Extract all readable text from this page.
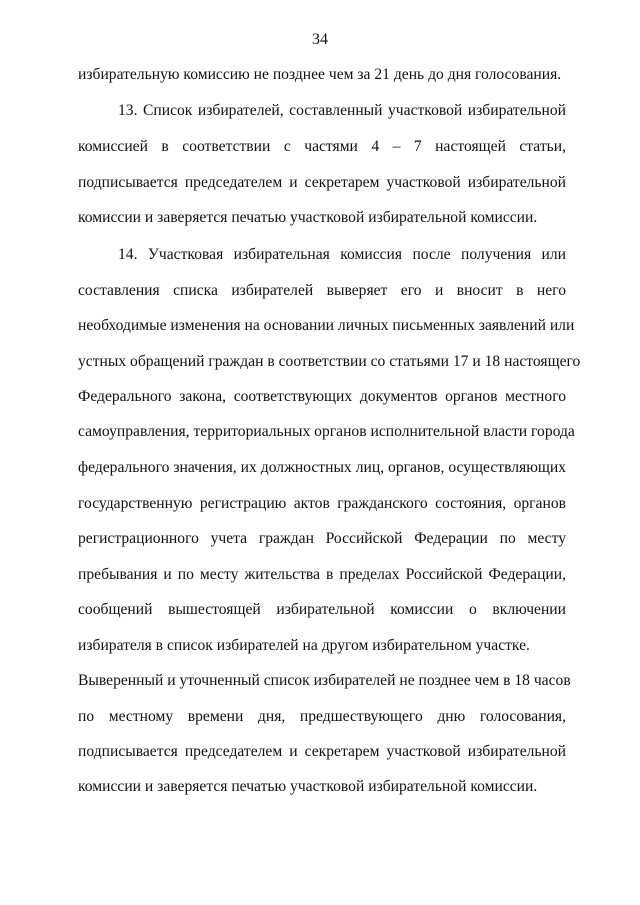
34
избирательную комиссию не позднее чем за 21 день до дня голосования.
13. Список избирателей, составленный участковой избирательной
комиссией в соответствии с частями 4 – 7 настоящей статьи,
подписывается председателем и секретарем участковой избирательной
комиссии и заверяется печатью участковой избирательной комиссии.
14. Участковая избирательная комиссия после получения или
составления списка избирателей выверяет его и вносит в него
необходимые изменения на основании личных письменных заявлений или
устных обращений граждан в соответствии со статьями 17 и 18 настоящего
Федерального закона, соответствующих документов органов местного
самоуправления, территориальных органов исполнительной власти города
федерального значения, их должностных лиц, органов, осуществляющих
государственную регистрацию актов гражданского состояния, органов
регистрационного учета граждан Российской Федерации по месту
пребывания и по месту жительства в пределах Российской Федерации,
сообщений вышестоящей избирательной комиссии о включении
избирателя в список избирателей на другом избирательном участке.
Выверенный и уточненный список избирателей не позднее чем в 18 часов
по местному времени дня, предшествующего дню голосования,
подписывается председателем и секретарем участковой избирательной
комиссии и заверяется печатью участковой избирательной комиссии.
